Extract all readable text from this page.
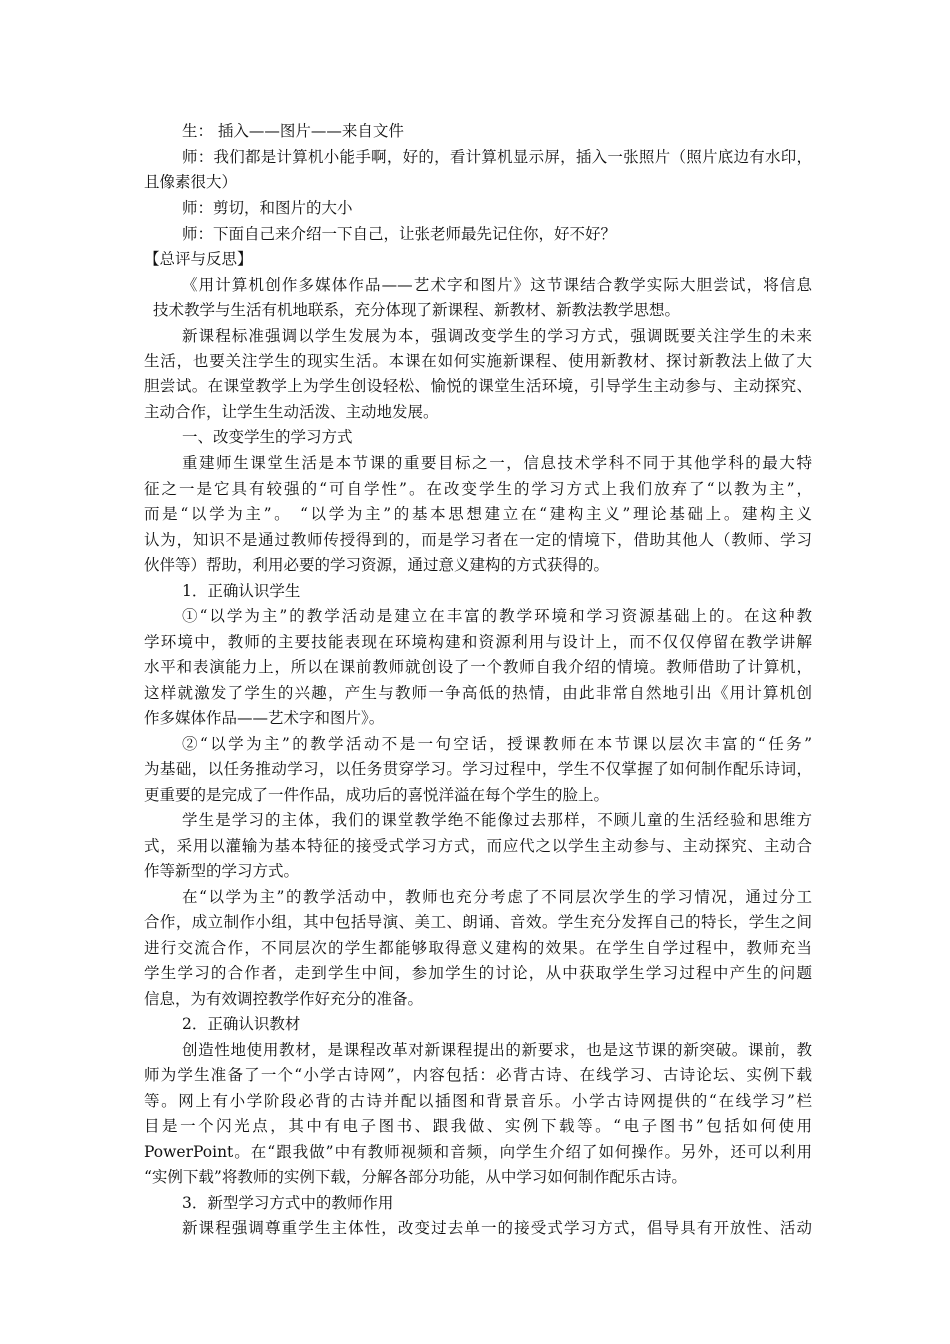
生： 插入——图片——来自文件
师：我们都是计算机小能手啊，好的，看计算机显示屏，插入一张照片（照片底边有水印，
且像素很大）
师：剪切，和图片的大小
师：下面自己来介绍一下自己，让张老师最先记住你，好不好？
【总评与反思】
《用计算机创作多媒体作品——艺术字和图片》这节课结合教学实际大胆尝试，将信息
技术教学与生活有机地联系，充分体现了新课程、新教材、新教法教学思想。
新课程标准强调以学生发展为本，强调改变学生的学习方式，强调既要关注学生的未来
生活，也要关注学生的现实生活。本课在如何实施新课程、使用新教材、探讨新教法上做了大
胆尝试。在课堂教学上为学生创设轻松、愉悦的课堂生活环境，引导学生主动参与、主动探究、
主动合作，让学生生动活泼、主动地发展。
一、改变学生的学习方式
重建师生课堂生活是本节课的重要目标之一，信息技术学科不同于其他学科的最大特
征之一是它具有较强的“可自学性”。在改变学生的学习方式上我们放弃了“以教为主”，
而是“以学为主”。 “以学为主”的基本思想建立在“建构主义”理论基础上。建构主义
认为，知识不是通过教师传授得到的，而是学习者在一定的情境下，借助其他人（教师、学习
伙伴等）帮助，利用必要的学习资源，通过意义建构的方式获得的。
1．正确认识学生
①“以学为主”的教学活动是建立在丰富的教学环境和学习资源基础上的。在这种教
学环境中，教师的主要技能表现在环境构建和资源利用与设计上，而不仅仅停留在教学讲解
水平和表演能力上，所以在课前教师就创设了一个教师自我介绍的情境。教师借助了计算机，
这样就激发了学生的兴趣，产生与教师一争高低的热情，由此非常自然地引出《用计算机创
作多媒体作品——艺术字和图片》。
②“以学为主”的教学活动不是一句空话，授课教师在本节课以层次丰富的“任务”
为基础，以任务推动学习，以任务贯穿学习。学习过程中，学生不仅掌握了如何制作配乐诗词，
更重要的是完成了一件作品，成功后的喜悦洋溢在每个学生的脸上。
学生是学习的主体，我们的课堂教学绝不能像过去那样，不顾儿童的生活经验和思维方
式，采用以灌输为基本特征的接受式学习方式，而应代之以学生主动参与、主动探究、主动合
作等新型的学习方式。
在“以学为主”的教学活动中，教师也充分考虑了不同层次学生的学习情况，通过分工
合作，成立制作小组，其中包括导演、美工、朗诵、音效。学生充分发挥自己的特长，学生之间
进行交流合作，不同层次的学生都能够取得意义建构的效果。在学生自学过程中，教师充当
学生学习的合作者，走到学生中间，参加学生的讨论，从中获取学生学习过程中产生的问题
信息，为有效调控教学作好充分的准备。
2．正确认识教材
创造性地使用教材，是课程改革对新课程提出的新要求，也是这节课的新突破。课前，教
师为学生准备了一个“小学古诗网”，内容包括：必背古诗、在线学习、古诗论坛、实例下载
等。网上有小学阶段必背的古诗并配以插图和背景音乐。小学古诗网提供的“在线学习”栏
目是一个闪光点，其中有电子图书、跟我做、实例下载等。“电子图书”包括如何使用
PowerPoint。在“跟我做”中有教师视频和音频，向学生介绍了如何操作。另外，还可以利用
“实例下载”将教师的实例下载，分解各部分功能，从中学习如何制作配乐古诗。
3．新型学习方式中的教师作用
新课程强调尊重学生主体性，改变过去单一的接受式学习方式，倡导具有开放性、活动
